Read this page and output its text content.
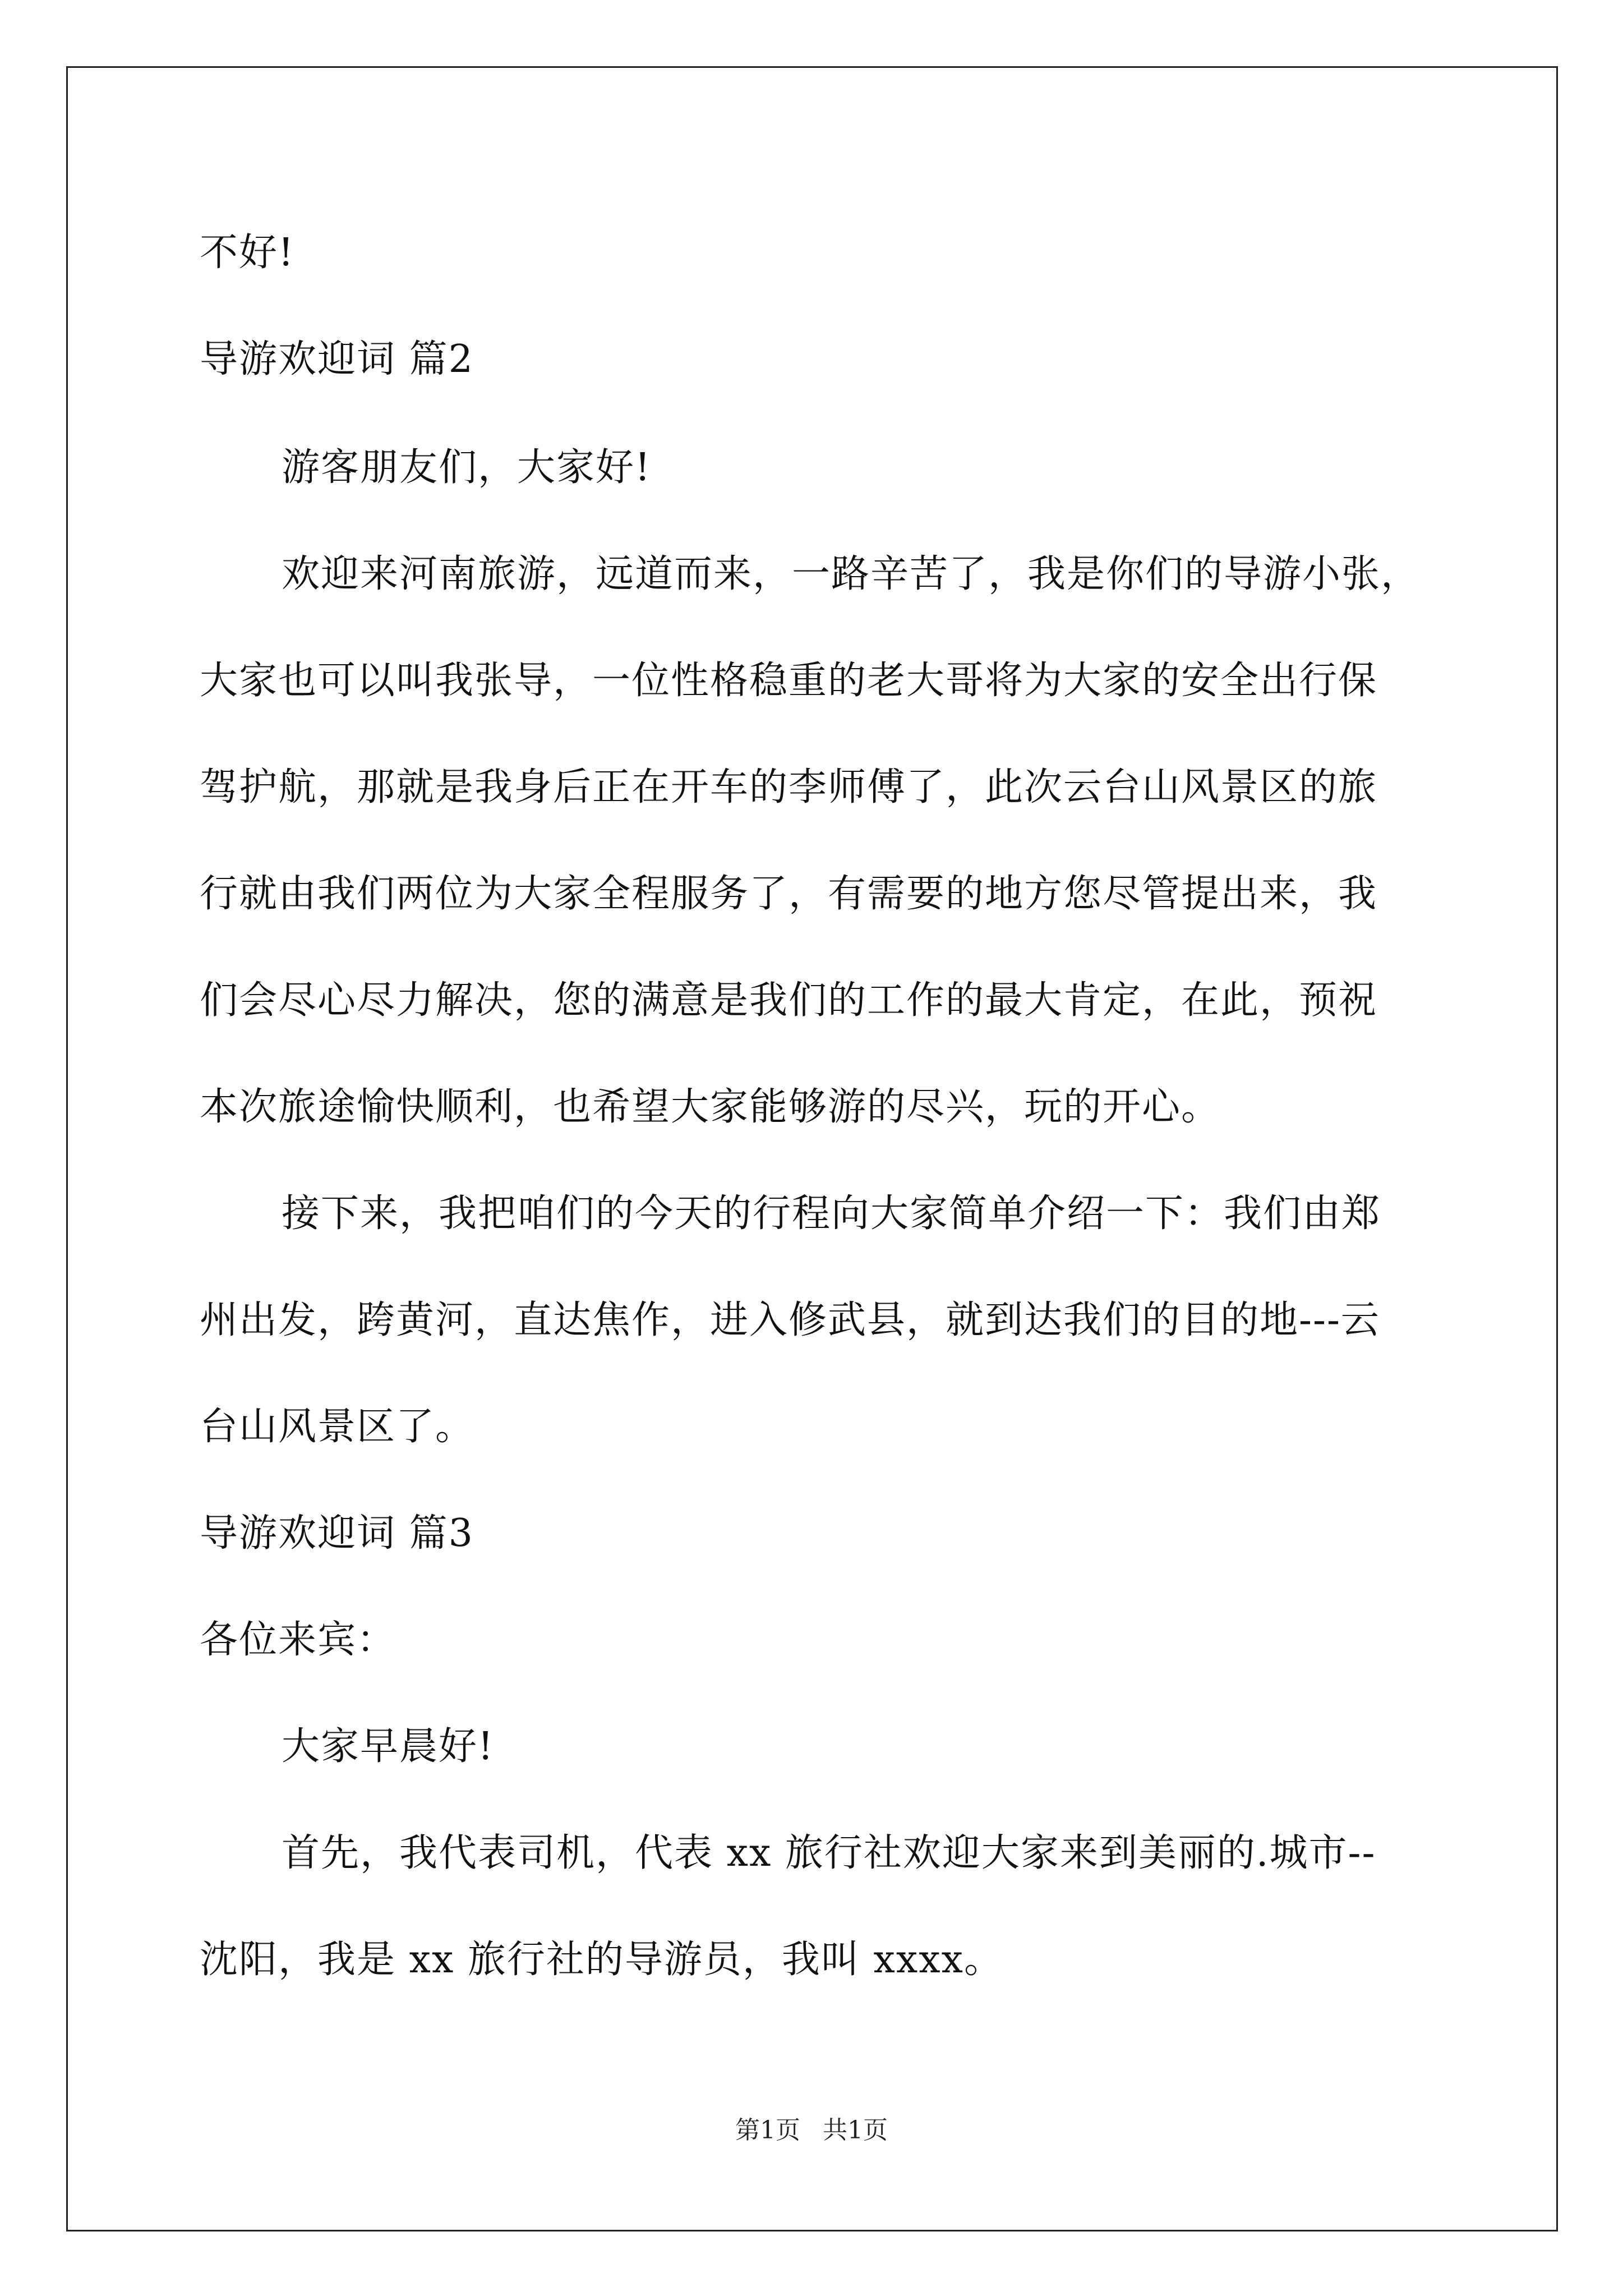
不好!
导游欢迎词 篇2
游客朋友们，大家好!
欢迎来河南旅游，远道而来，一路辛苦了，我是你们的导游小张，
大家也可以叫我张导，一位性格稳重的老大哥将为大家的安全出行保
驾护航，那就是我身后正在开车的李师傅了，此次云台山风景区的旅
行就由我们两位为大家全程服务了，有需要的地方您尽管提出来，我
们会尽心尽力解决，您的满意是我们的工作的最大肯定，在此，预祝
本次旅途愉快顺利，也希望大家能够游的尽兴，玩的开心。
接下来，我把咱们的今天的行程向大家简单介绍一下：我们由郑
州出发，跨黄河，直达焦作，进入修武县，就到达我们的目的地---云
台山风景区了。
导游欢迎词 篇3
各位来宾：
大家早晨好!
首先，我代表司机，代表 xx 旅行社欢迎大家来到美丽的.城市--
沈阳，我是 xx 旅行社的导游员，我叫 xxxx。
第1页 共1页
